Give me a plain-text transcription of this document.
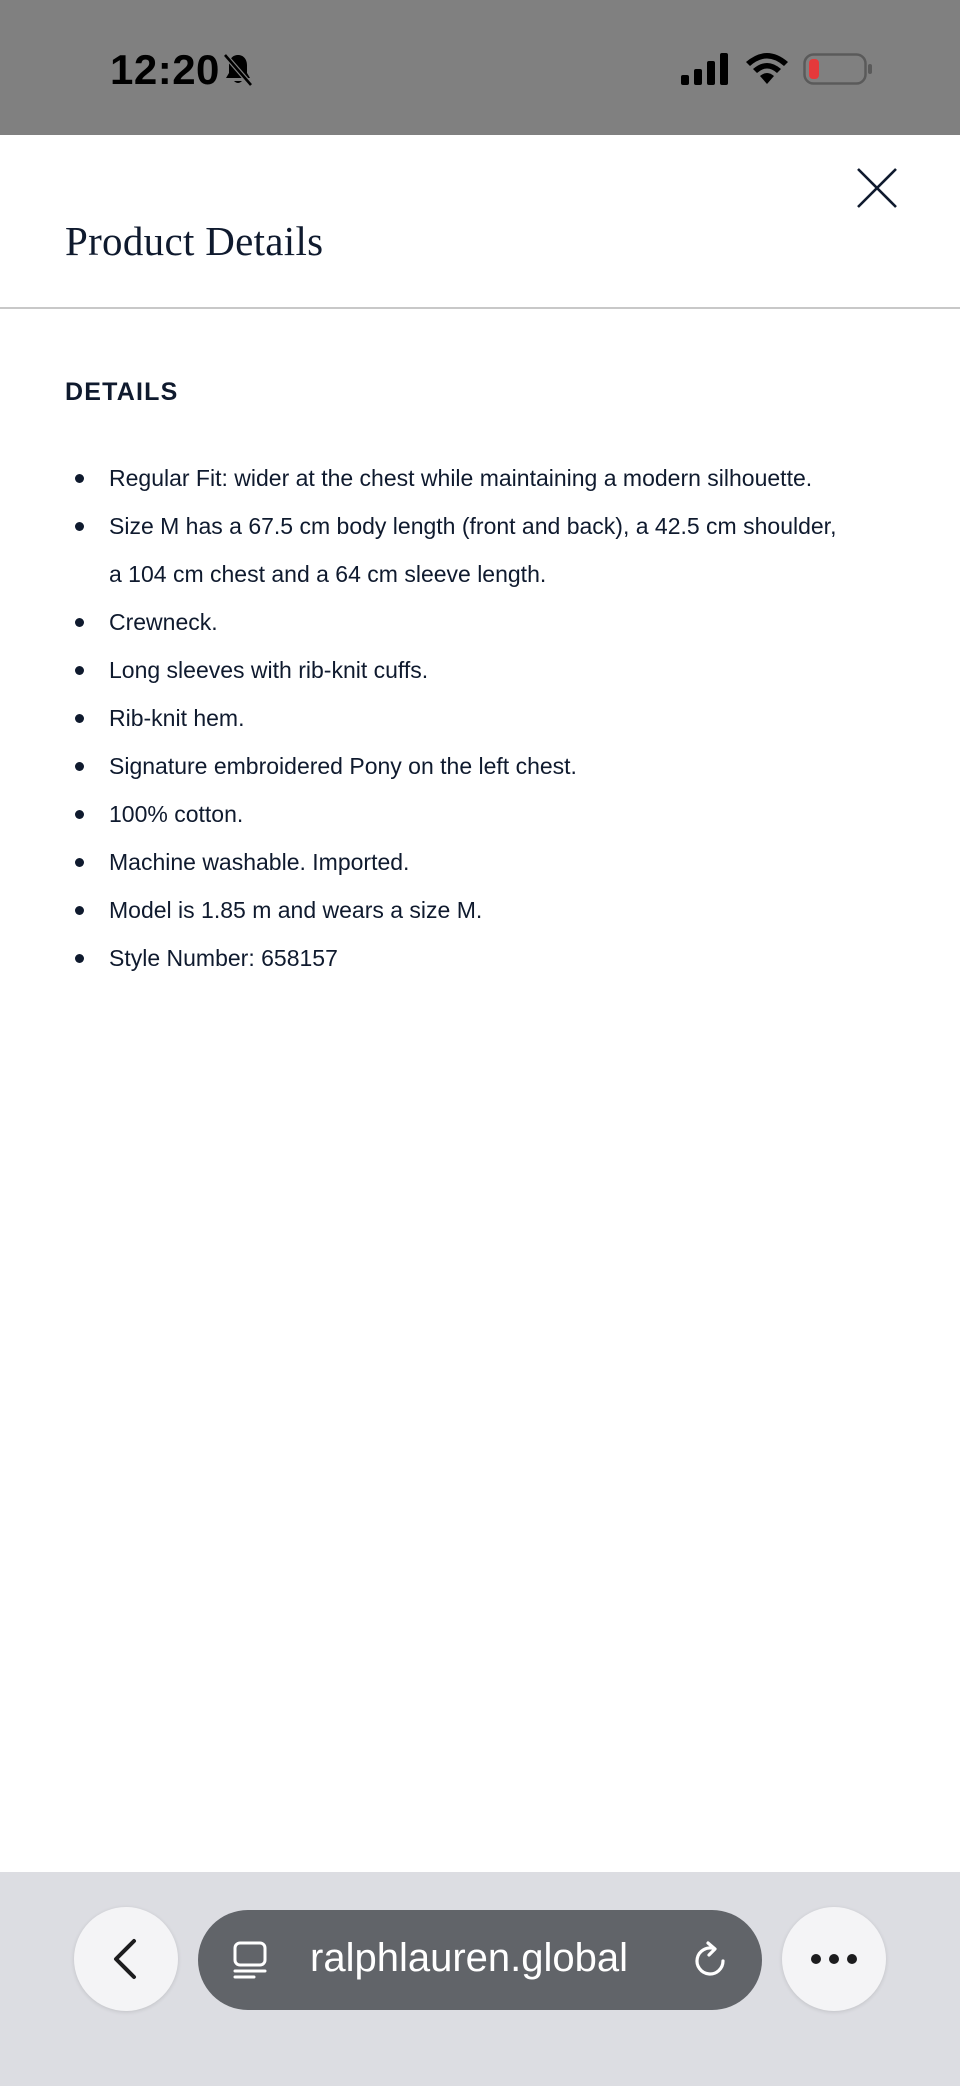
12:20
Product Details
DETAILS
Regular Fit: wider at the chest while maintaining a modern silhouette.
Size M has a 67.5 cm body length (front and back), a 42.5 cm shoulder, a 104 cm chest and a 64 cm sleeve length.
Crewneck.
Long sleeves with rib-knit cuffs.
Rib-knit hem.
Signature embroidered Pony on the left chest.
100% cotton.
Machine washable. Imported.
Model is 1.85 m and wears a size M.
Style Number: 658157
ralphlauren.global
